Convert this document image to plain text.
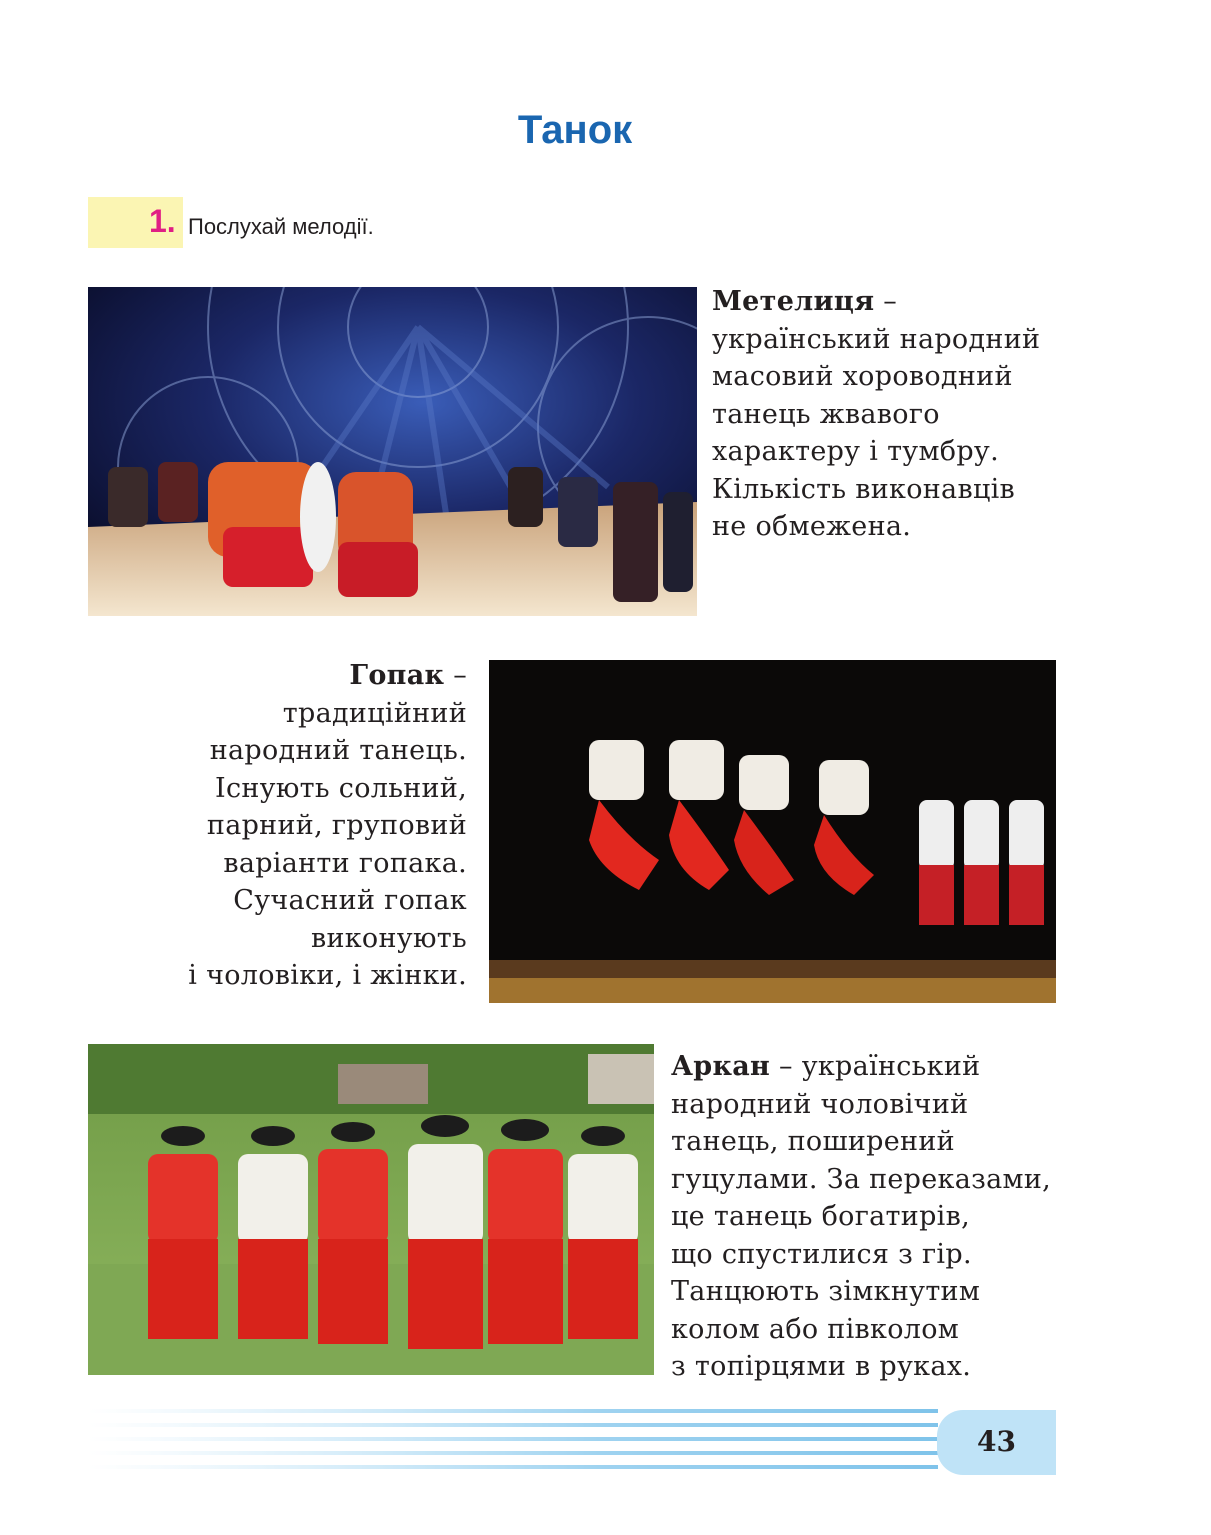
Танок
1. Послухай мелодії.
Метелиця –
український народний
масовий хороводний
танець жвавого
характеру і тумбру.
Кількість виконавців
не обмежена.
Гопак –
традиційний
народний танець.
Існують сольний,
парний, груповий
варіанти гопака.
Сучасний гопак
виконують
і чоловіки, і жінки.
Аркан – український
народний чоловічий
танець, поширений
гуцулами. За переказами,
це танець богатирів,
що спустилися з гір.
Танцюють зімкнутим
колом або півколом
з топірцями в руках.
43
